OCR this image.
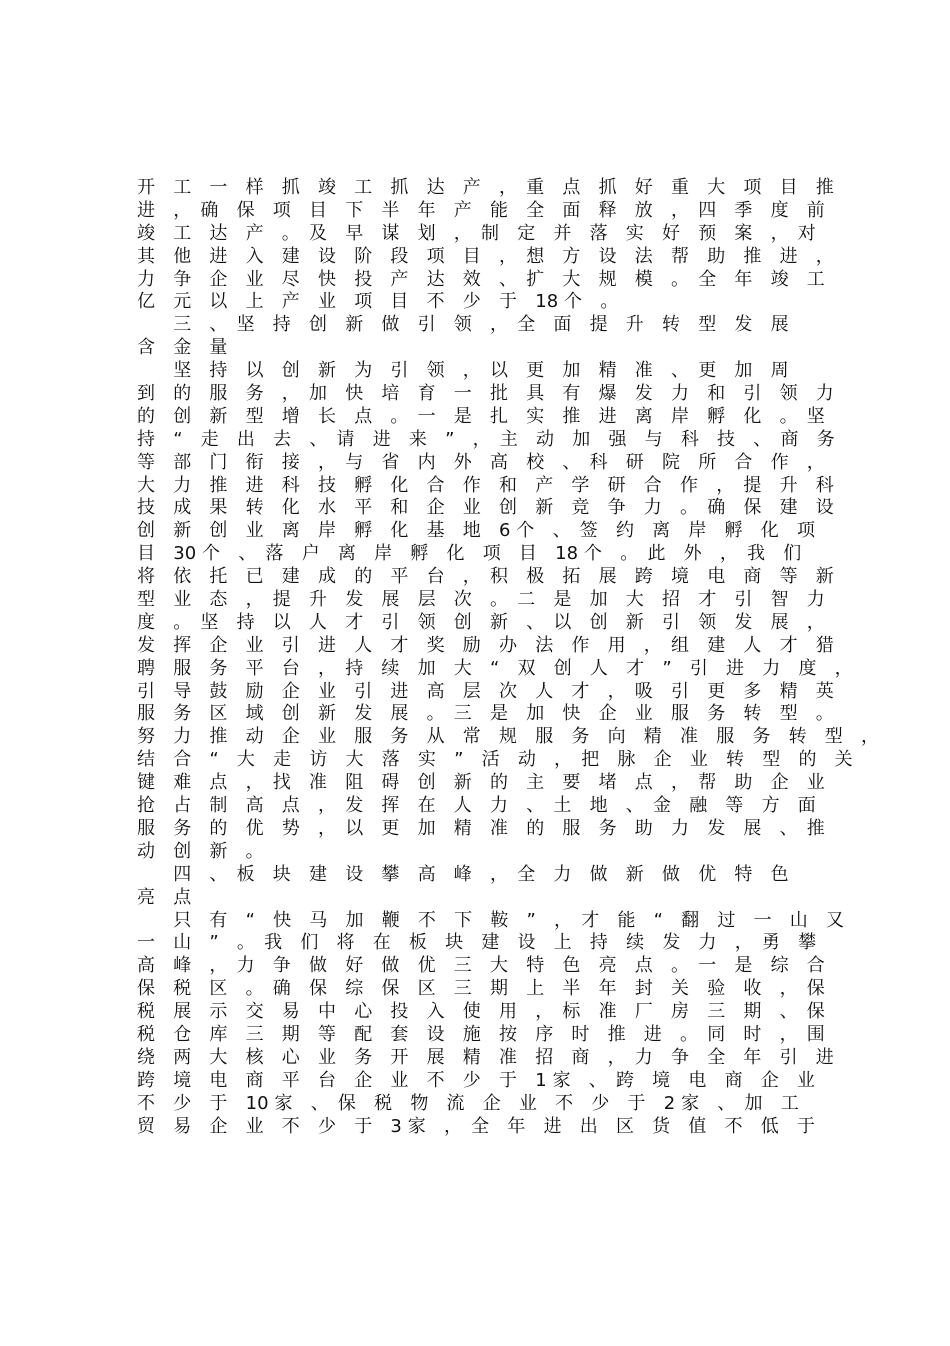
开　工　一　样　抓　竣　工　抓　达　产　，　重　点　抓　好　重　大　项　目　推
进　，　确　保　项　目　下　半　年　产　能　全　面　释　放　，　四　季　度　前
竣　工　达　产　。　及　早　谋　划　，　制　定　并　落　实　好　预　案　，　对
其　他　进　入　建　设　阶　段　项　目　，　想　方　设　法　帮　助　推　进　，
力　争　企　业　尽　快　投　产　达　效　、　扩　大　规　模　。　全　年　竣　工
亿　元　以　上　产　业　项　目　不　少　于　18 个　。
　　三　、　坚　持　创　新　做　引　领　，　全　面　提　升　转　型　发　展
含　金　量
　　坚　持　以　创　新　为　引　领　，　以　更　加　精　准　、　更　加　周
到　的　服　务　，　加　快　培　育　一　批　具　有　爆　发　力　和　引　领　力
的　创　新　型　增　长　点　。　一　是　扎　实　推　进　离　岸　孵　化　。　坚
持　“　走　出　去　、　请　进　来　”　，　主　动　加　强　与　科　技　、　商　务
等　部　门　衔　接　，　与　省　内　外　高　校　、　科　研　院　所　合　作　，
大　力　推　进　科　技　孵　化　合　作　和　产　学　研　合　作　，　提　升　科
技　成　果　转　化　水　平　和　企　业　创　新　竞　争　力　。　确　保　建　设
创　新　创　业　离　岸　孵　化　基　地　6 个　、　签　约　离　岸　孵　化　项
目　30 个　、　落　户　离　岸　孵　化　项　目　18 个　。　此　外　，　我　们
将　依　托　已　建　成　的　平　台　，　积　极　拓　展　跨　境　电　商　等　新
型　业　态　，　提　升　发　展　层　次　。　二　是　加　大　招　才　引　智　力
度　。　坚　持　以　人　才　引　领　创　新　、　以　创　新　引　领　发　展　，
发　挥　企　业　引　进　人　才　奖　励　办　法　作　用　，　组　建　人　才　猎
聘　服　务　平　台　，　持　续　加　大　“　双　创　人　才　”　引　进　力　度　，
引　导　鼓　励　企　业　引　进　高　层　次　人　才　，　吸　引　更　多　精　英
服　务　区　域　创　新　发　展　。　三　是　加　快　企　业　服　务　转　型　。
努　力　推　动　企　业　服　务　从　常　规　服　务　向　精　准　服　务　转　型　，
结　合　“　大　走　访　大　落　实　”　活　动　，　把　脉　企　业　转　型　的　关
键　难　点　，　找　准　阻　碍　创　新　的　主　要　堵　点　，　帮　助　企　业
抢　占　制　高　点　，　发　挥　在　人　力　、　土　地　、　金　融　等　方　面
服　务　的　优　势　，　以　更　加　精　准　的　服　务　助　力　发　展　、　推
动　创　新　。
　　四　、　板　块　建　设　攀　高　峰　，　全　力　做　新　做　优　特　色
亮　点
　　只　有　“　快　马　加　鞭　不　下　鞍　”　，　才　能　“　翻　过　一　山　又
一　山　”　。　我　们　将　在　板　块　建　设　上　持　续　发　力　，　勇　攀
高　峰　，　力　争　做　好　做　优　三　大　特　色　亮　点　。　一　是　综　合
保　税　区　。　确　保　综　保　区　三　期　上　半　年　封　关　验　收　，　保
税　展　示　交　易　中　心　投　入　使　用　，　标　准　厂　房　三　期　、　保
税　仓　库　三　期　等　配　套　设　施　按　序　时　推　进　。　同　时　，　围
绕　两　大　核　心　业　务　开　展　精　准　招　商　，　力　争　全　年　引　进
跨　境　电　商　平　台　企　业　不　少　于　1 家　、　跨　境　电　商　企　业
不　少　于　10 家　、　保　税　物　流　企　业　不　少　于　2 家　、　加　工
贸　易　企　业　不　少　于　3 家　，　全　年　进　出　区　货　值　不　低　于
